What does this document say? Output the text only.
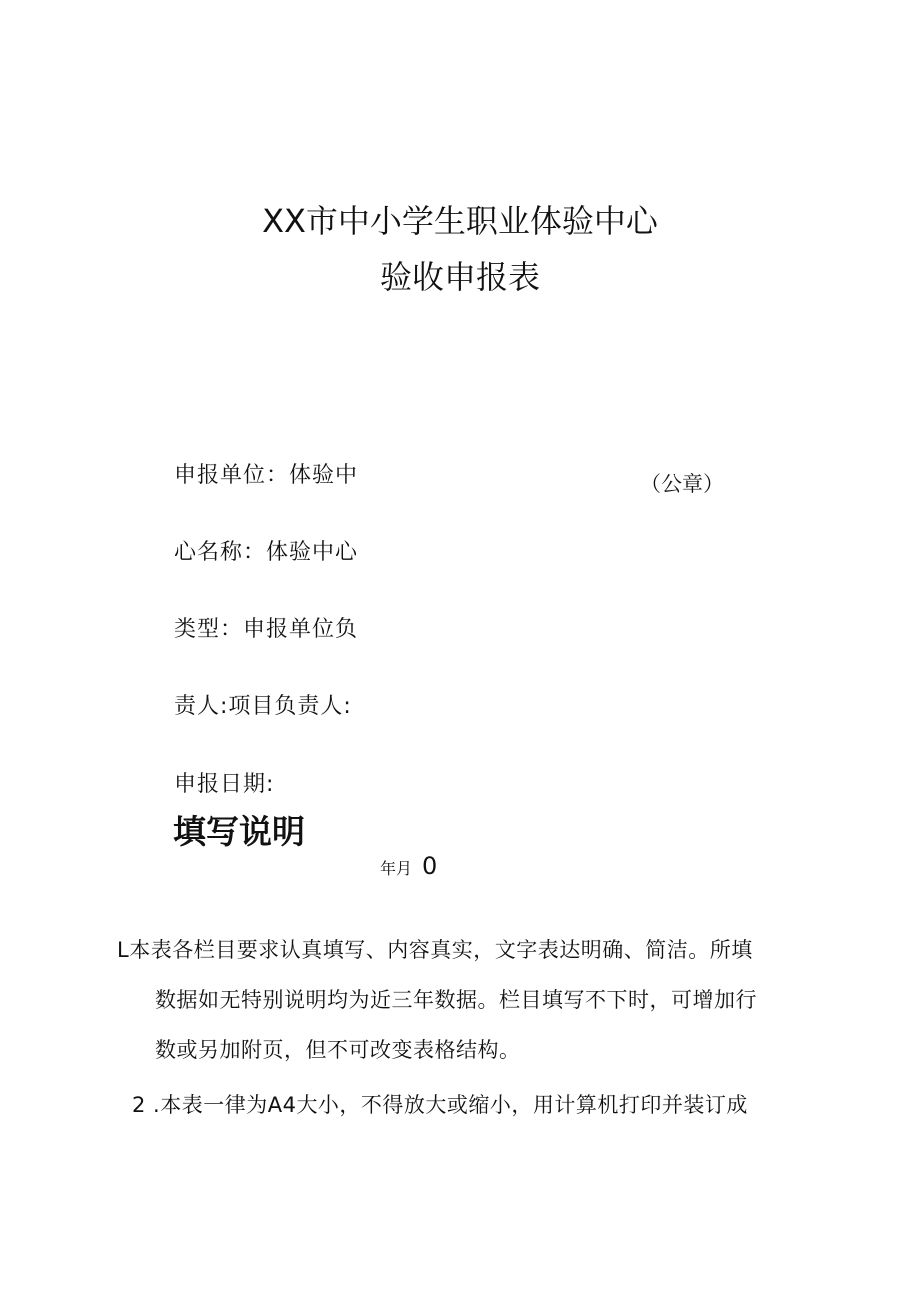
XX市中小学生职业体验中心
验收申报表
申报单位：体验中	（公章）
心名称：体验中心
类型：申报单位负
责人:项目负责人:
申报日期:
填写说明
年月 0
L本表各栏目要求认真填写、内容真实，文字表达明确、简洁。所填
数据如无特别说明均为近三年数据。栏目填写不下时，可增加行
数或另加附页，但不可改变表格结构。
2 .本表一律为A4大小，不得放大或缩小，用计算机打印并装订成
